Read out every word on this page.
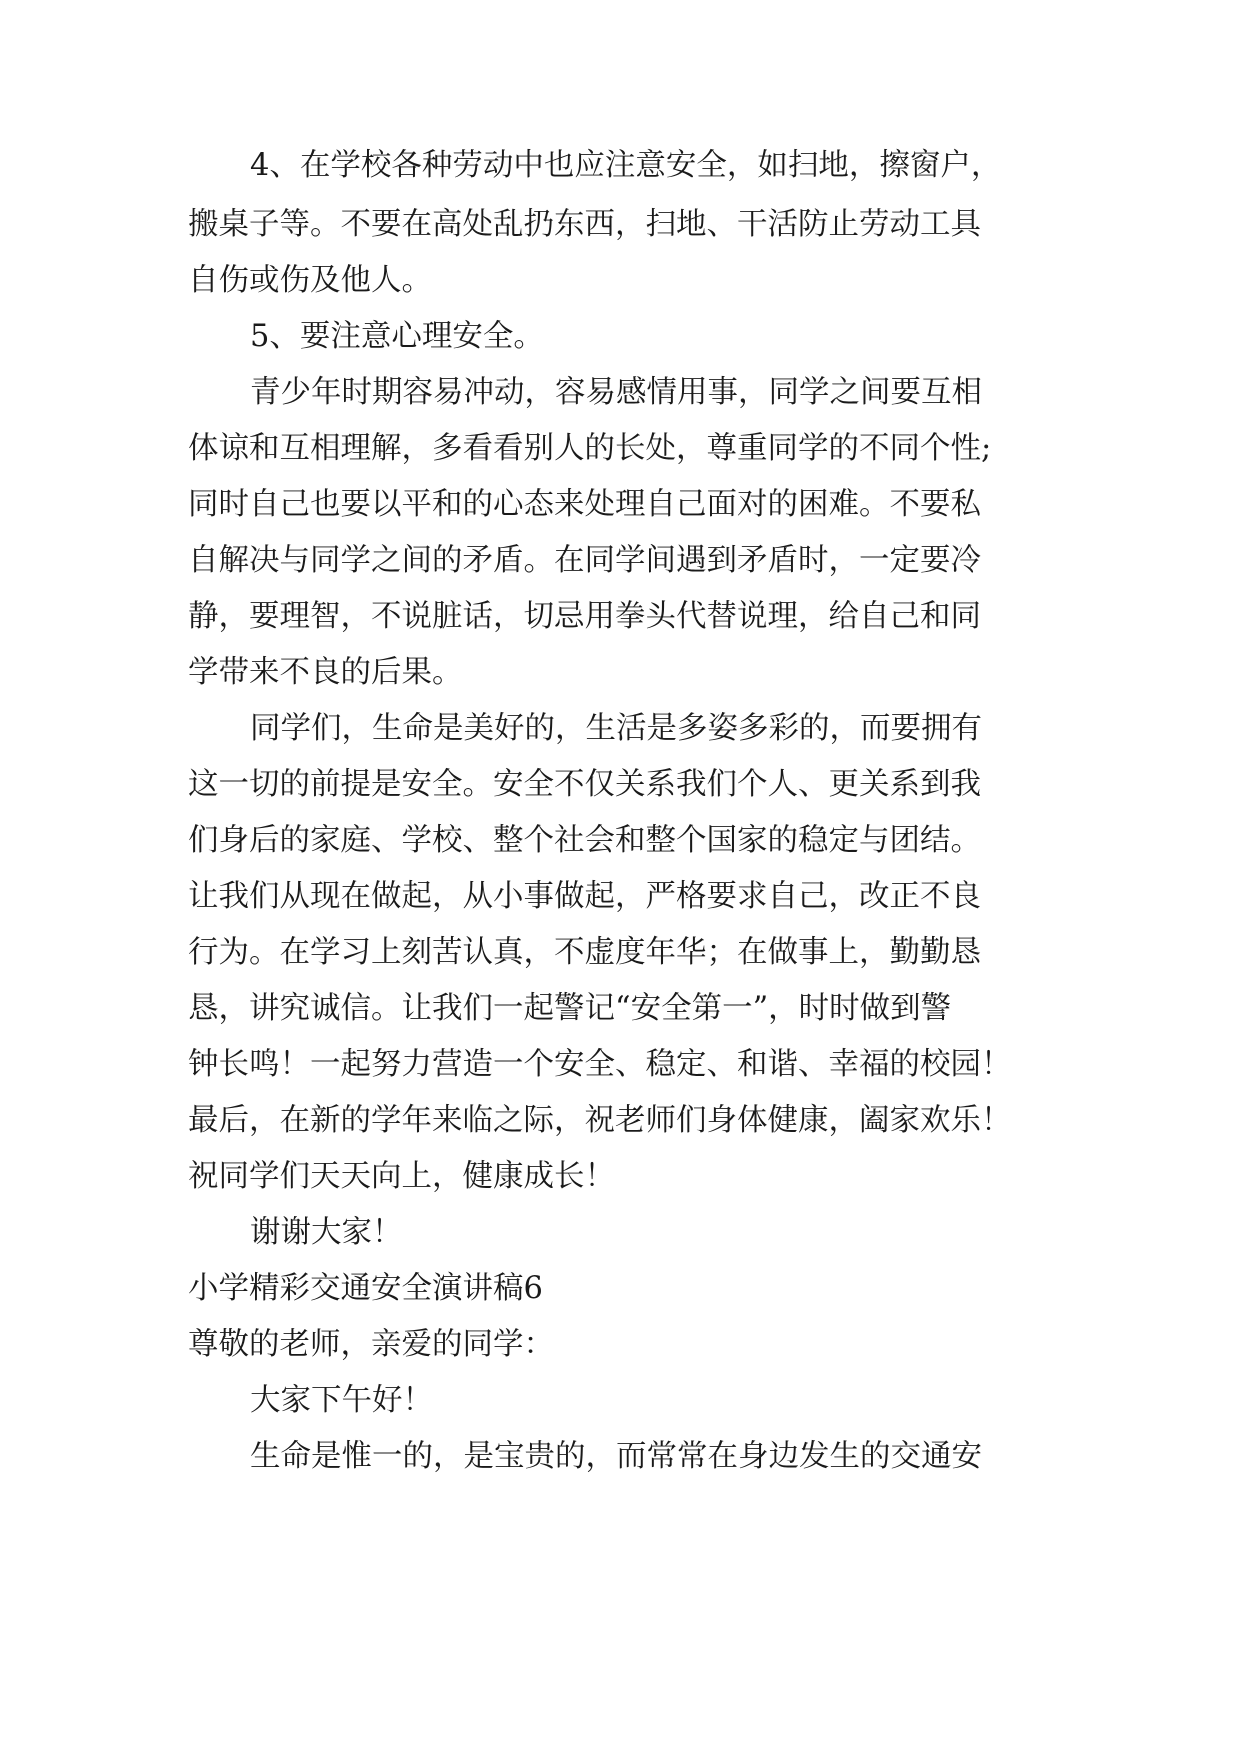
4、在学校各种劳动中也应注意安全，如扫地，擦窗户，
搬桌子等。不要在高处乱扔东西，扫地、干活防止劳动工具
自伤或伤及他人。
5、要注意心理安全。
青少年时期容易冲动，容易感情用事，同学之间要互相
体谅和互相理解，多看看别人的长处，尊重同学的不同个性;
同时自己也要以平和的心态来处理自己面对的困难。不要私
自解决与同学之间的矛盾。在同学间遇到矛盾时，一定要冷
静，要理智，不说脏话，切忌用拳头代替说理，给自己和同
学带来不良的后果。
同学们，生命是美好的，生活是多姿多彩的，而要拥有
这一切的前提是安全。安全不仅关系我们个人、更关系到我
们身后的家庭、学校、整个社会和整个国家的稳定与团结。
让我们从现在做起，从小事做起，严格要求自己，改正不良
行为。在学习上刻苦认真，不虚度年华；在做事上，勤勤恳
恳，讲究诚信。让我们一起警记“安全第一”，时时做到警
钟长鸣！一起努力营造一个安全、稳定、和谐、幸福的校园！
最后，在新的学年来临之际，祝老师们身体健康，阖家欢乐！
祝同学们天天向上，健康成长！
谢谢大家！
小学精彩交通安全演讲稿6
尊敬的老师，亲爱的同学：
大家下午好！
生命是惟一的，是宝贵的，而常常在身边发生的交通安
